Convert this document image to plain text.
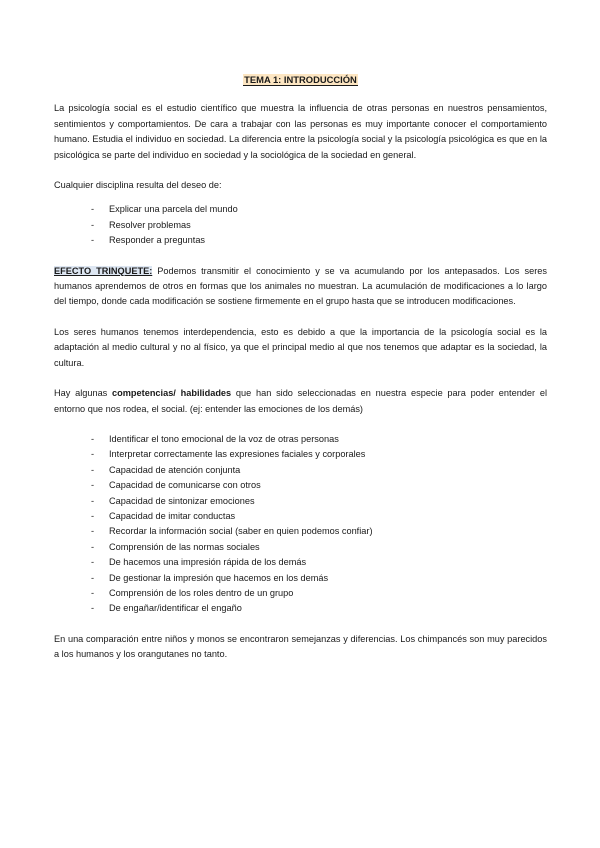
TEMA 1: INTRODUCCIÓN

La psicología social es el estudio científico que muestra la influencia de otras personas en nuestros pensamientos, sentimientos y comportamientos. De cara a trabajar con las personas es muy importante conocer el comportamiento humano. Estudia el individuo en sociedad. La diferencia entre la psicología social y la psicología psicológica es que en la psicológica se parte del individuo en sociedad y la sociológica de la sociedad en general.

Cualquier disciplina resulta del deseo de:

- Explicar una parcela del mundo
- Resolver problemas
- Responder a preguntas

EFECTO TRINQUETE: Podemos transmitir el conocimiento y se va acumulando por los antepasados. Los seres humanos aprendemos de otros en formas que los animales no muestran. La acumulación de modificaciones a lo largo del tiempo, donde cada modificación se sostiene firmemente en el grupo hasta que se introducen modificaciones.

Los seres humanos tenemos interdependencia, esto es debido a que la importancia de la psicología social es la adaptación al medio cultural y no al físico, ya que el principal medio al que nos tenemos que adaptar es la sociedad, la cultura.

Hay algunas competencias/ habilidades que han sido seleccionadas en nuestra especie para poder entender el entorno que nos rodea, el social. (ej: entender las emociones de los demás)

- Identificar el tono emocional de la voz de otras personas
- Interpretar correctamente las expresiones faciales y corporales
- Capacidad de atención conjunta
- Capacidad de comunicarse con otros
- Capacidad de sintonizar emociones
- Capacidad de imitar conductas
- Recordar la información social (saber en quien podemos confiar)
- Comprensión de las normas sociales
- De hacemos una impresión rápida de los demás
- De gestionar la impresión que hacemos en los demás
- Comprensión de los roles dentro de un grupo
- De engañar/identificar el engaño

En una comparación entre niños y monos se encontraron semejanzas y diferencias. Los chimpancés son muy parecidos a los humanos y los orangutanes no tanto.
